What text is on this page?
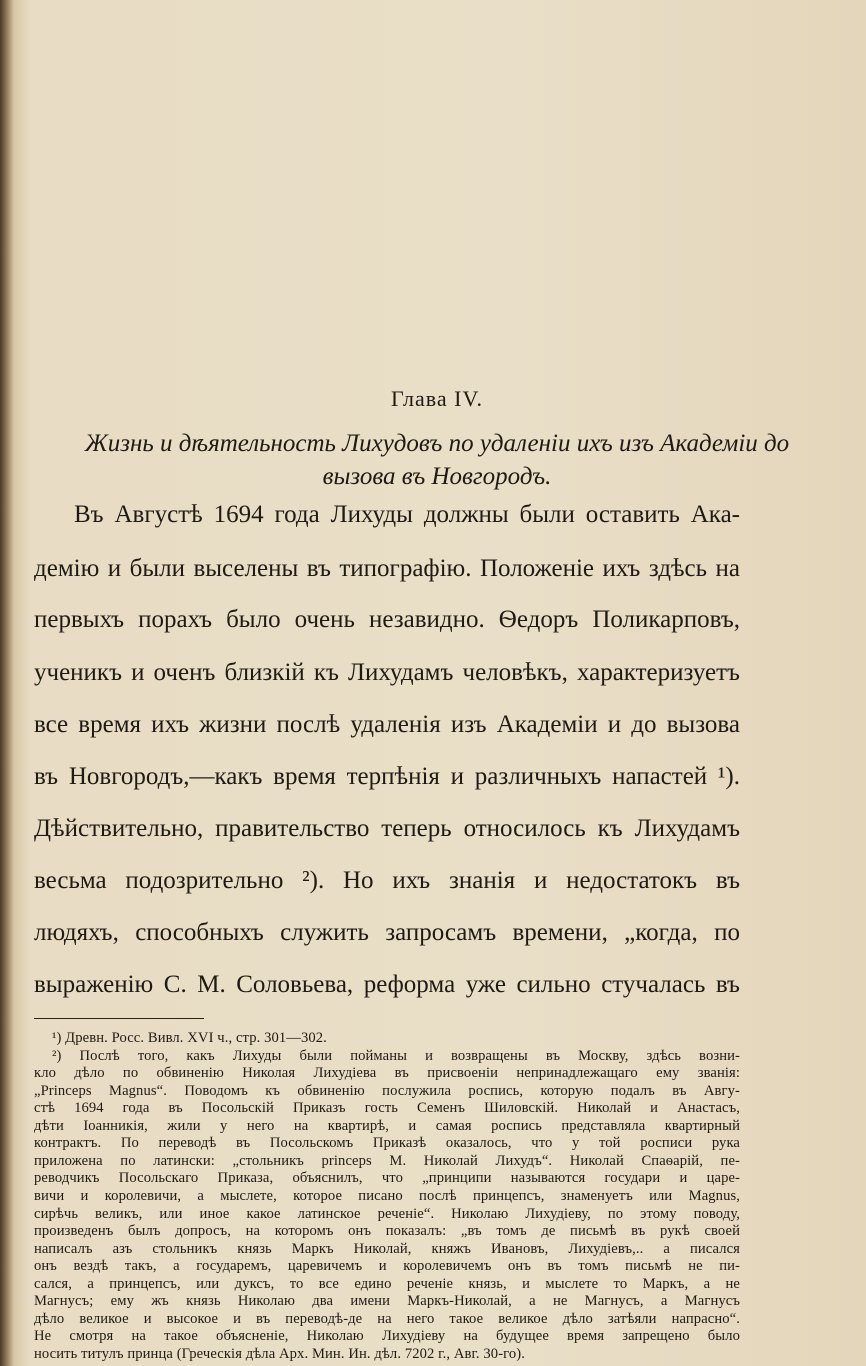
Глава IV.
Жизнь и дѣятельность Лихудовъ по удаленіи ихъ изъ Академіи до
вызова въ Новгородъ.
Въ Августѣ 1694 года Лихуды должны были оставить Ака-
демію и были выселены въ типографію. Положеніе ихъ здѣсь на
первыхъ порахъ было очень незавидно. Ѳедоръ Поликарповъ,
ученикъ и оченъ близкій къ Лихудамъ человѣкъ, характеризуетъ
все время ихъ жизни послѣ удаленія изъ Академіи и до вызова
въ Новгородъ,—какъ время терпѣнія и различныхъ напастей ¹).
Дѣйствительно, правительство теперь относилось къ Лихудамъ
весьма подозрительно ²). Но ихъ знанія и недостатокъ въ
людяхъ, способныхъ служить запросамъ времени, „когда, по
выраженію С. М. Соловьева, реформа уже сильно стучалась въ
¹) Древн. Росс. Вивл. XVI ч., стр. 301—302.
²) Послѣ того, какъ Лихуды были пойманы и возвращены въ Москву, здѣсь возни-
кло дѣло по обвиненію Николая Лихудіева въ присвоеніи непринадлежащаго ему званія:
„Princeps Magnus“. Поводомъ къ обвиненію послужила роспись, которую подалъ въ Авгу-
стѣ 1694 года въ Посольскій Приказъ гость Семенъ Шиловскій. Николай и Анастасъ,
дѣти Іоанникія, жили у него на квартирѣ, и самая роспись представляла квартирный
контрактъ. По переводѣ въ Посольскомъ Приказѣ оказалось, что у той росписи рука
приложена по латински: „стольникъ princeps М. Николай Лихудъ“. Николай Спаѳарій, пе-
реводчикъ Посольскаго Приказа, объяснилъ, что „принципи называются государи и царе-
вичи и королевичи, а мыслете, которое писано послѣ принцепсъ, знаменуетъ или Magnus,
сирѣчь великъ, или иное какое латинское реченіе“. Николаю Лихудіеву, по этому поводу,
произведенъ былъ допросъ, на которомъ онъ показалъ: „въ томъ де письмѣ въ рукѣ своей
написалъ азъ стольникъ князь Маркъ Николай, княжъ Ивановъ, Лихудіевъ,.. а писался
онъ вездѣ такъ, а государемъ, царевичемъ и королевичемъ онъ въ томъ письмѣ не пи-
сался, а принцепсъ, или дуксъ, то все едино реченіе князь, и мыслете то Маркъ, а не
Магнусъ; ему жъ князь Николаю два имени Маркъ-Николай, а не Магнусъ, а Магнусъ
дѣло великое и высокое и въ переводѣ-де на него такое великое дѣло затѣяли напрасно“.
Не смотря на такое объясненіе, Николаю Лихудіеву на будущее время запрещено было
носить титулъ принца (Греческія дѣла Арх. Мин. Ин. дѣл. 7202 г., Авг. 30-го).
